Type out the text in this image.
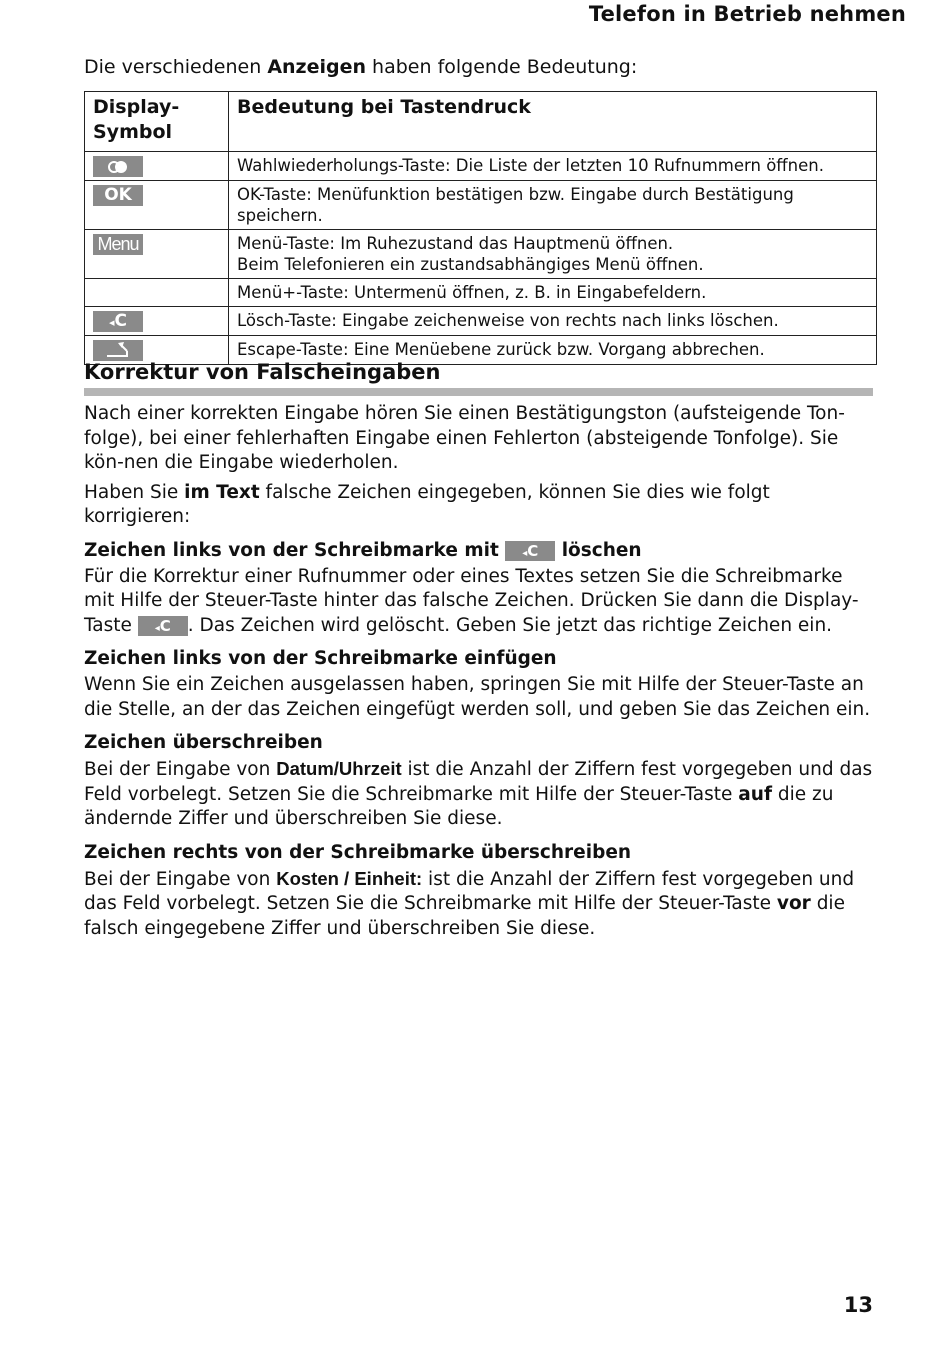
Telefon in Betrieb nehmen
Die verschiedenen Anzeigen haben folgende Bedeutung:
Display-
Symbol	Bedeutung bei Tastendruck

	Wahlwiederholungs-Taste: Die Liste der letzten 10 Rufnummern öffnen.
OK	OK-Taste: Menüfunktion bestätigen bzw. Eingabe durch Bestätigung speichern.
Menu	Menü-Taste: Im Ruhezustand das Hauptmenü öffnen.
Beim Telefonieren ein zustandsabhängiges Menü öffnen.
	Menü+-Taste: Untermenü öffnen, z. B. in Eingabefeldern.
◂C	Lösch-Taste: Eingabe zeichenweise von rechts nach links löschen.

	Escape-Taste: Eine Menüebene zurück bzw. Vorgang abbrechen.
Korrektur von Falscheingaben

Nach einer korrekten Eingabe hören Sie einen Bestätigungston (aufsteigende Ton-folge), bei einer fehlerhaften Eingabe einen Fehlerton (absteigende Tonfolge). Sie kön-nen die Eingabe wiederholen.

Haben Sie im Text falsche Zeichen eingegeben, können Sie dies wie folgt korrigieren:

Zeichen links von der Schreibmarke mit ◂C löschen

Für die Korrektur einer Rufnummer oder eines Textes setzen Sie die Schreibmarke mit Hilfe der Steuer-Taste hinter das falsche Zeichen. Drücken Sie dann die Display-Taste ◂C . Das Zeichen wird gelöscht. Geben Sie jetzt das richtige Zeichen ein.

Zeichen links von der Schreibmarke einfügen

Wenn Sie ein Zeichen ausgelassen haben, springen Sie mit Hilfe der Steuer-Taste an die Stelle, an der das Zeichen eingefügt werden soll, und geben Sie das Zeichen ein.

Zeichen überschreiben

Bei der Eingabe von Datum/Uhrzeit ist die Anzahl der Ziffern fest vorgegeben und das Feld vorbelegt. Setzen Sie die Schreibmarke mit Hilfe der Steuer-Taste auf die zu ändernde Ziffer und überschreiben Sie diese.

Zeichen rechts von der Schreibmarke überschreiben

Bei der Eingabe von Kosten / Einheit: ist die Anzahl der Ziffern fest vorgegeben und das Feld vorbelegt. Setzen Sie die Schreibmarke mit Hilfe der Steuer-Taste vor die falsch eingegebene Ziffer und überschreiben Sie diese.

13
